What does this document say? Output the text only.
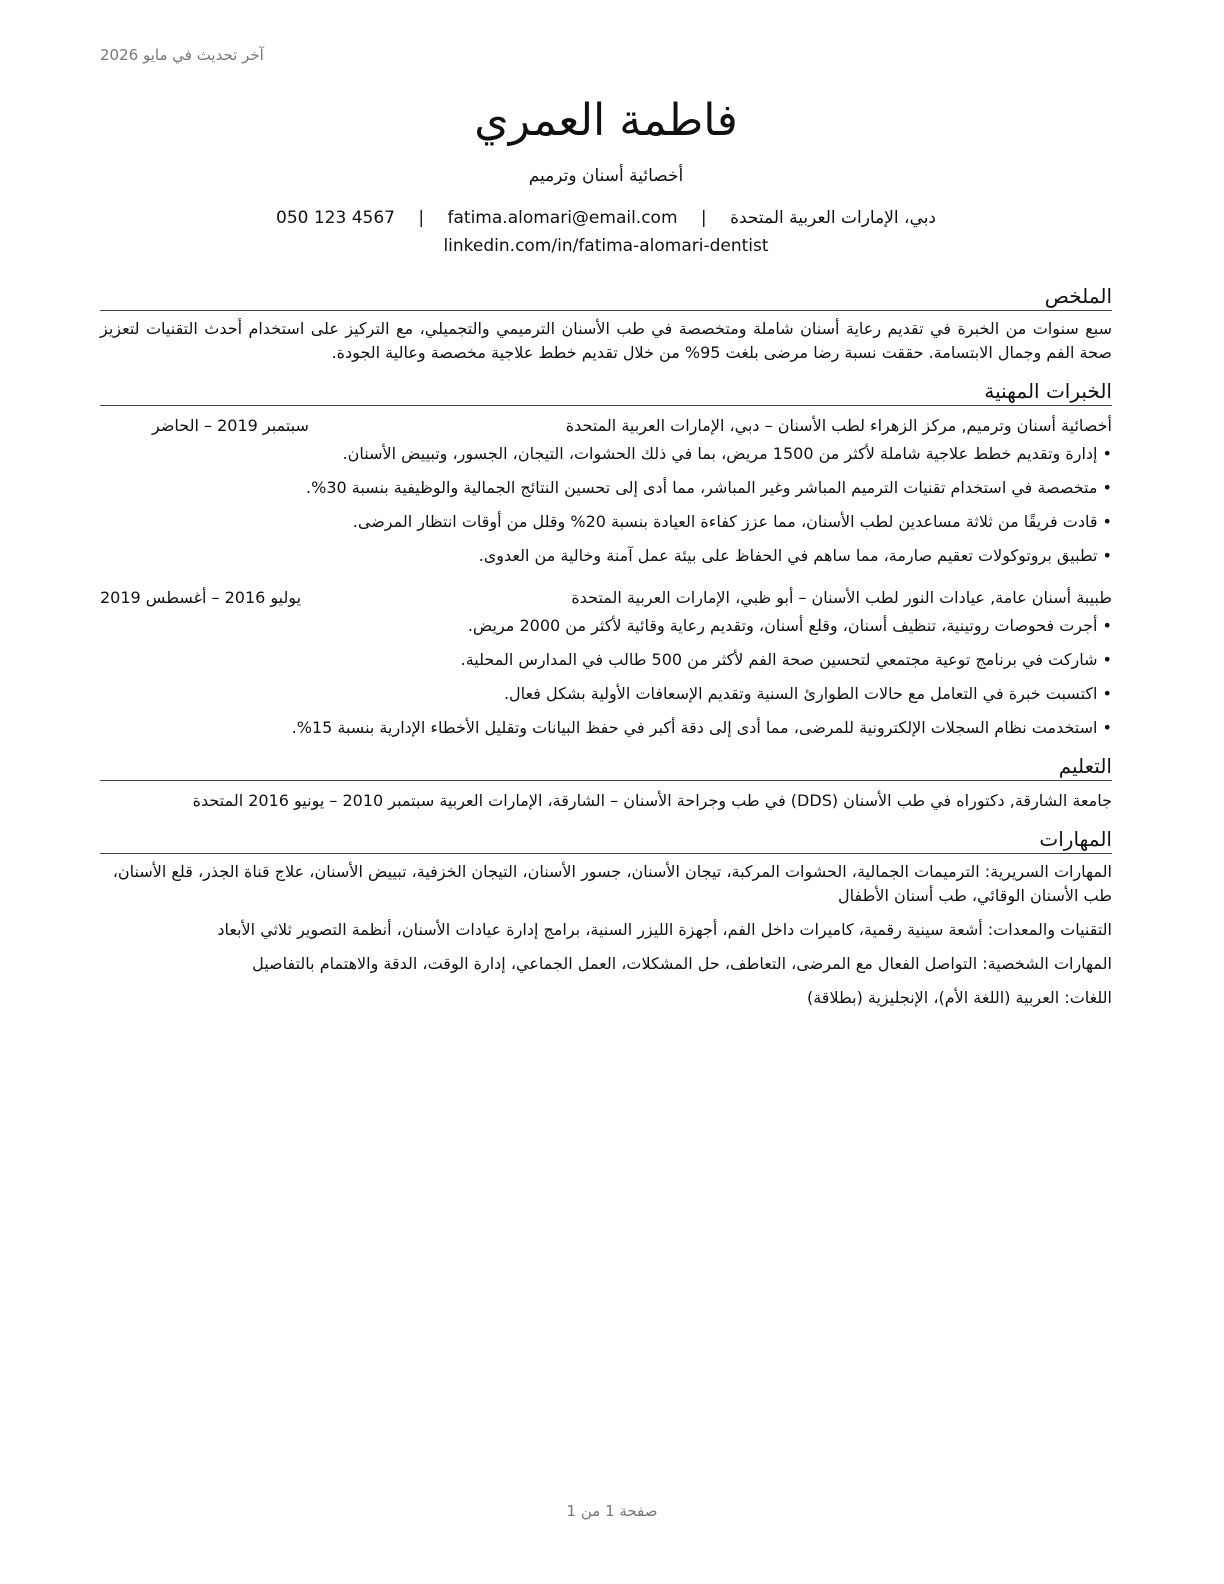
آخر تحديث في مايو 2026
فاطمة العمري
أخصائية أسنان وترميم
دبي، الإمارات العربية المتحدة | fatima.alomari@email.com | 050 123 4567
linkedin.com/in/fatima-alomari-dentist
الملخص
سبع سنوات من الخبرة في تقديم رعاية أسنان شاملة ومتخصصة في طب الأسنان الترميمي والتجميلي، مع التركيز على استخدام أحدث التقنيات لتعزيز صحة الفم وجمال الابتسامة. حققت نسبة رضا مرضى بلغت 95% من خلال تقديم خطط علاجية مخصصة وعالية الجودة.
الخبرات المهنية
أخصائية أسنان وترميم, مركز الزهراء لطب الأسنان – دبي، الإمارات العربية المتحدة
سبتمبر 2019 – الحاضر
• إدارة وتقديم خطط علاجية شاملة لأكثر من 1500 مريض، بما في ذلك الحشوات، التيجان، الجسور، وتبييض الأسنان.
• متخصصة في استخدام تقنيات الترميم المباشر وغير المباشر، مما أدى إلى تحسين النتائج الجمالية والوظيفية بنسبة 30%.
• قادت فريقًا من ثلاثة مساعدين لطب الأسنان، مما عزز كفاءة العيادة بنسبة 20% وقلل من أوقات انتظار المرضى.
• تطبيق بروتوكولات تعقيم صارمة، مما ساهم في الحفاظ على بيئة عمل آمنة وخالية من العدوى.
طبيبة أسنان عامة, عيادات النور لطب الأسنان – أبو ظبي، الإمارات العربية المتحدة
يوليو 2016 – أغسطس 2019
• أجرت فحوصات روتينية، تنظيف أسنان، وقلع أسنان، وتقديم رعاية وقائية لأكثر من 2000 مريض.
• شاركت في برنامج توعية مجتمعي لتحسين صحة الفم لأكثر من 500 طالب في المدارس المحلية.
• اكتسبت خبرة في التعامل مع حالات الطوارئ السنية وتقديم الإسعافات الأولية بشكل فعال.
• استخدمت نظام السجلات الإلكترونية للمرضى، مما أدى إلى دقة أكبر في حفظ البيانات وتقليل الأخطاء الإدارية بنسبة 15%.
التعليم
جامعة الشارقة, دكتوراه في طب الأسنان (DDS) في طب وجراحة الأسنان – الشارقة، الإمارات العربية سبتمبر 2010 – يونيو 2016 المتحدة
المهارات
المهارات السريرية: الترميمات الجمالية، الحشوات المركبة، تيجان الأسنان، جسور الأسنان، التيجان الخزفية، تبييض الأسنان، علاج قناة الجذر، قلع الأسنان، طب الأسنان الوقائي، طب أسنان الأطفال
التقنيات والمعدات: أشعة سينية رقمية، كاميرات داخل الفم، أجهزة الليزر السنية، برامج إدارة عيادات الأسنان، أنظمة التصوير ثلاثي الأبعاد
المهارات الشخصية: التواصل الفعال مع المرضى، التعاطف، حل المشكلات، العمل الجماعي، إدارة الوقت، الدقة والاهتمام بالتفاصيل
اللغات: العربية (اللغة الأم)، الإنجليزية (بطلاقة)
صفحة 1 من 1
